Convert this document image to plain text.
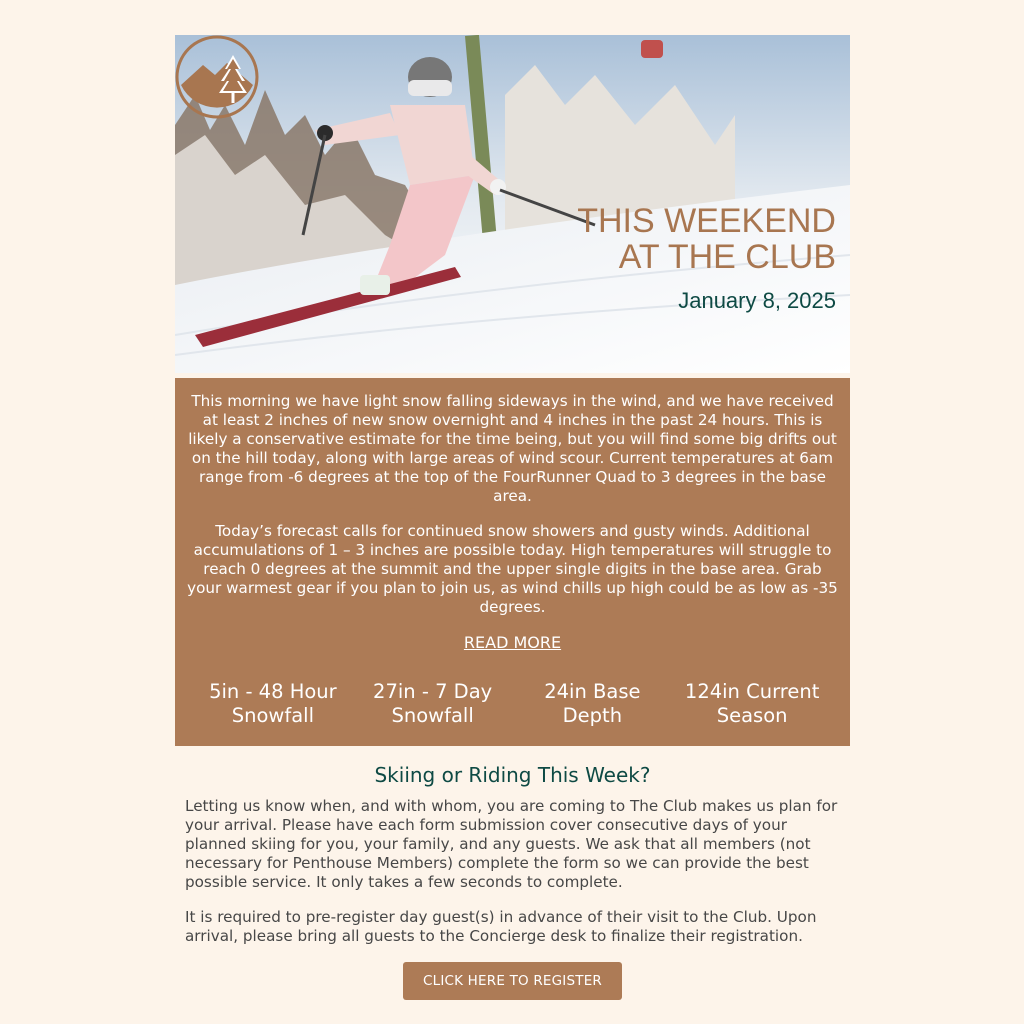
THIS WEEKEND
AT THE CLUB
January 8, 2025

This morning we have light snow falling sideways in the wind, and we have received at least 2 inches of new snow overnight and 4 inches in the past 24 hours. This is likely a conservative estimate for the time being, but you will find some big drifts out on the hill today, along with large areas of wind scour. Current temperatures at 6am range from -6 degrees at the top of the FourRunner Quad to 3 degrees in the base area.

Today’s forecast calls for continued snow showers and gusty winds. Additional accumulations of 1 – 3 inches are possible today. High temperatures will struggle to reach 0 degrees at the summit and the upper single digits in the base area. Grab your warmest gear if you plan to join us, as wind chills up high could be as low as -35 degrees.

READ MORE
5in - 48 Hour
Snowfall
27in - 7 Day
Snowfall
24in Base
Depth
124in Current
Season
Skiing or Riding This Week?

Letting us know when, and with whom, you are coming to The Club makes us plan for your arrival. Please have each form submission cover consecutive days of your planned skiing for you, your family, and any guests. We ask that all members (not necessary for Penthouse Members) complete the form so we can provide the best possible service. It only takes a few seconds to complete.

It is required to pre-register day guest(s) in advance of their visit to the Club. Upon arrival, please bring all guests to the Concierge desk to finalize their registration.

CLICK HERE TO REGISTER
